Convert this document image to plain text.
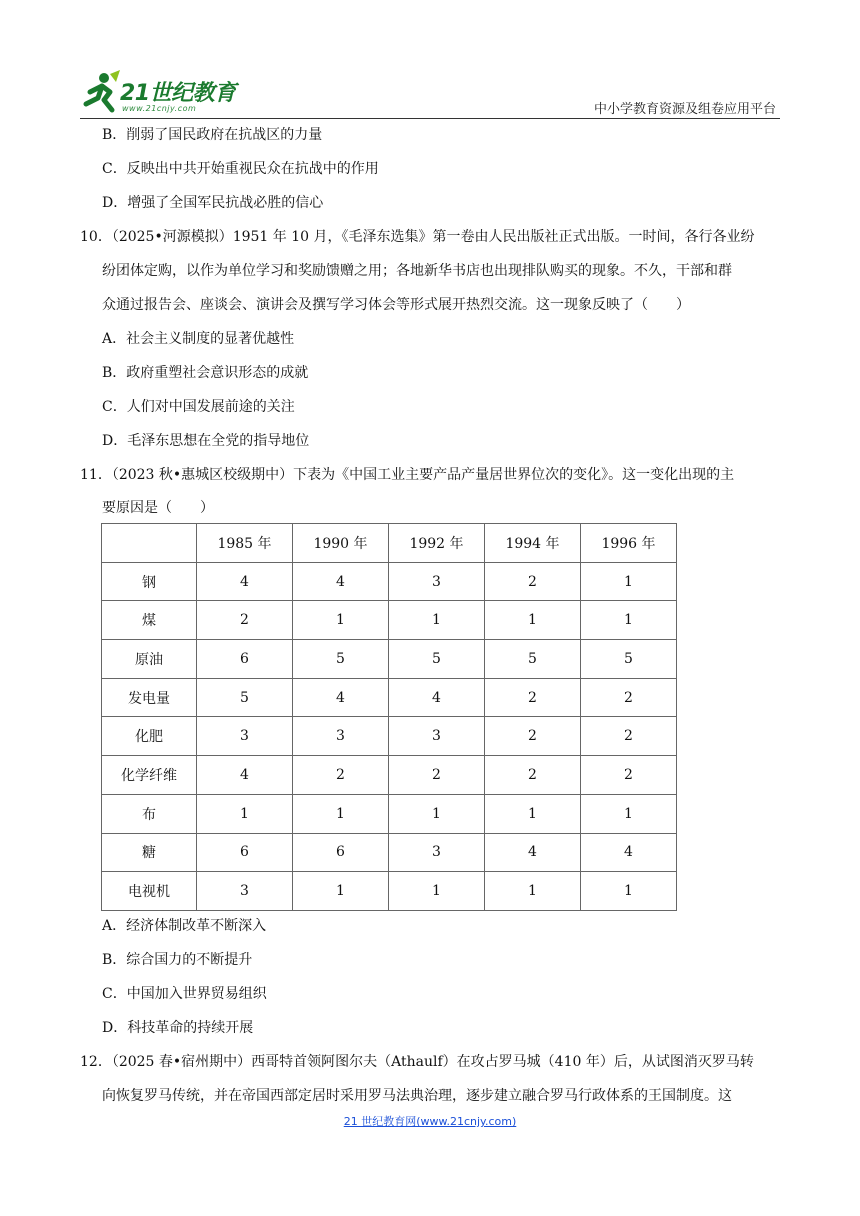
21世纪教育
www.21cnjy.com	中小学教育资源及组卷应用平台
B．削弱了国民政府在抗战区的力量
C．反映出中共开始重视民众在抗战中的作用
D．增强了全国军民抗战必胜的信心
10．（2025•河源模拟）1951 年 10 月，《毛泽东选集》第一卷由人民出版社正式出版。一时间，各行各业纷
纷团体定购，以作为单位学习和奖励馈赠之用；各地新华书店也出现排队购买的现象。不久，干部和群
众通过报告会、座谈会、演讲会及撰写学习体会等形式展开热烈交流。这一现象反映了（　　）
A．社会主义制度的显著优越性
B．政府重塑社会意识形态的成就
C．人们对中国发展前途的关注
D．毛泽东思想在全党的指导地位
11．（2023 秋•惠城区校级期中）下表为《中国工业主要产品产量居世界位次的变化》。这一变化出现的主
要原因是（　　）
A．经济体制改革不断深入
B．综合国力的不断提升
C．中国加入世界贸易组织
D．科技革命的持续开展
12．（2025 春•宿州期中）西哥特首领阿图尔夫（Athaulf）在攻占罗马城（410 年）后，从试图消灭罗马转
向恢复罗马传统，并在帝国西部定居时采用罗马法典治理，逐步建立融合罗马行政体系的王国制度。这
	1985 年	1990 年	1992 年	1994 年	1996 年
钢	4	4	3	2	1
煤	2	1	1	1	1
原油	6	5	5	5	5
发电量	5	4	4	2	2
化肥	3	3	3	2	2
化学纤维	4	2	2	2	2
布	1	1	1	1	1
糖	6	6	3	4	4
电视机	3	1	1	1	1
21 世纪教育网(www.21cnjy.com)
